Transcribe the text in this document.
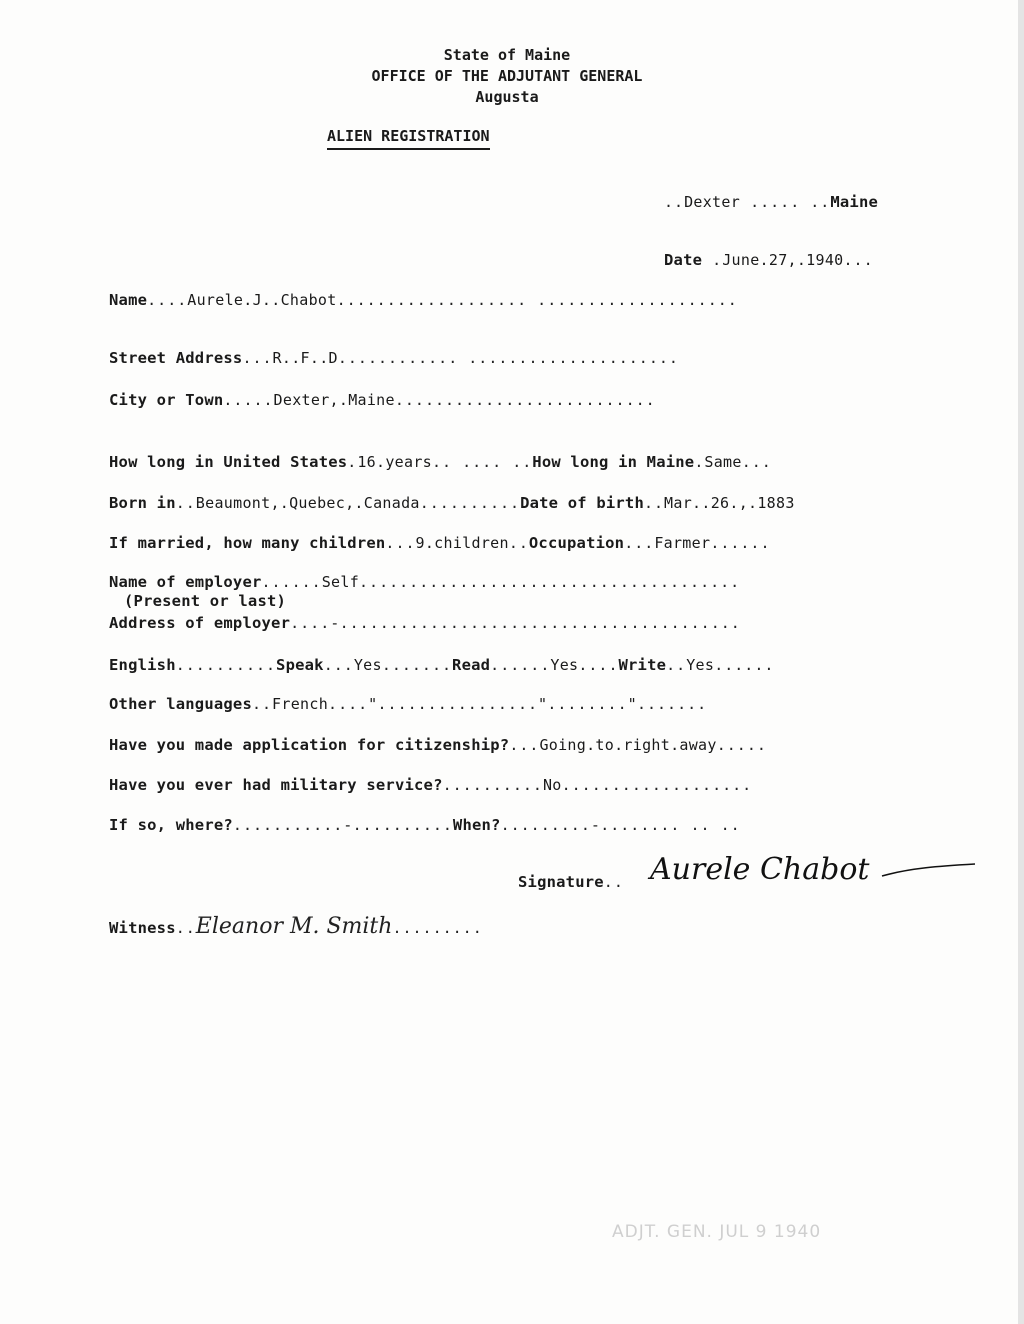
State of Maine
OFFICE OF THE ADJUTANT GENERAL
Augusta
ALIEN REGISTRATION
..Dexter ..... ..Maine
Date .June.27,.1940...
Name....Aurele.J..Chabot................... ....................
Street Address...R..F..D............ .....................
City or Town.....Dexter,.Maine..........................
How long in United States.16.years.. .... ..How long in Maine.Same...
Born in..Beaumont,.Quebec,.Canada..........Date of birth..Mar..26.,.1883
If married, how many children...9.children..Occupation...Farmer......
Name of employer......Self......................................
(Present or last)
Address of employer....-........................................
English..........Speak...Yes.......Read......Yes....Write..Yes......
Other languages..French...."................"........".......
Have you made application for citizenship?...Going.to.right.away.....
Have you ever had military service?..........No...................
If so, where?...........-..........When?.........-........ .. ..
Signature.. Aurele Chabot
Witness..Eleanor M. Smith.........
ADJT. GEN. JUL 9 1940
